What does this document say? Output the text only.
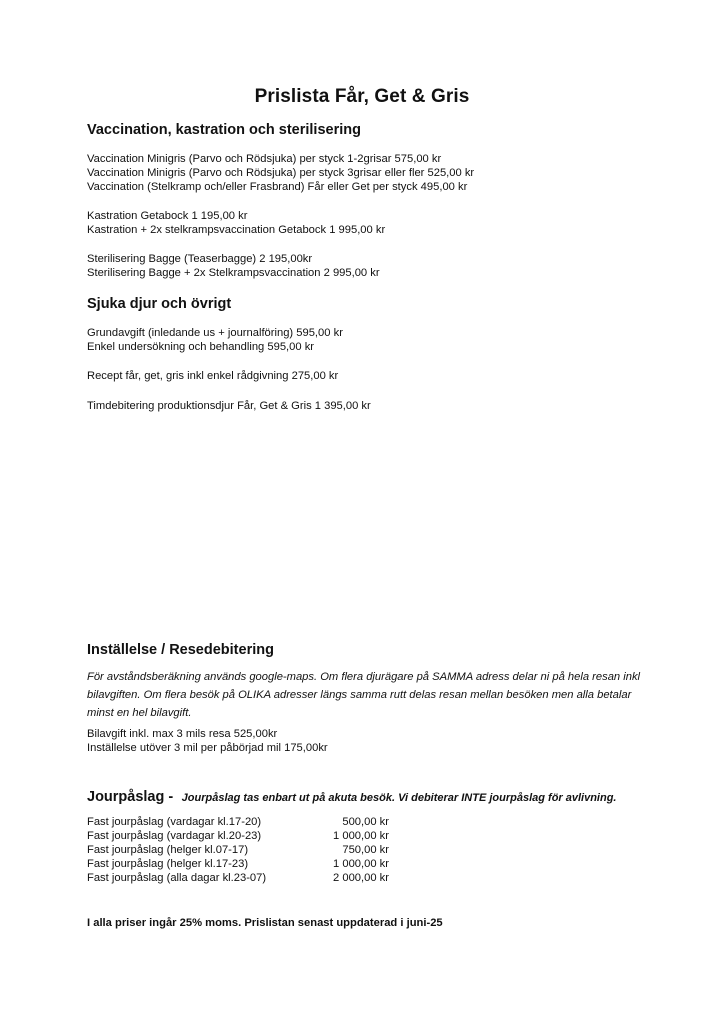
Prislista Får, Get & Gris
Vaccination, kastration och sterilisering
Vaccination Minigris (Parvo och Rödsjuka) per styck 1-2grisar 575,00 kr
Vaccination Minigris (Parvo och Rödsjuka) per styck 3grisar eller fler 525,00 kr
Vaccination (Stelkramp och/eller Frasbrand) Får eller Get per styck 495,00 kr
Kastration Getabock 1 195,00 kr
Kastration + 2x stelkrampsvaccination Getabock 1 995,00 kr
Sterilisering Bagge (Teaserbagge) 2 195,00kr
Sterilisering Bagge + 2x Stelkrampsvaccination 2 995,00 kr
Sjuka djur och övrigt
Grundavgift (inledande us + journalföring) 595,00 kr
Enkel undersökning och behandling 595,00 kr
Recept får, get, gris inkl enkel rådgivning 275,00 kr
Timdebitering produktionsdjur Får, Get & Gris 1 395,00 kr
Inställelse / Resedebitering
För avståndsberäkning används google-maps. Om flera djurägare på SAMMA adress delar ni på hela resan inkl bilavgiften. Om flera besök på OLIKA adresser längs samma rutt delas resan mellan besöken men alla betalar minst en hel bilavgift.
Bilavgift inkl. max 3 mils resa 525,00kr
Inställelse utöver 3 mil per påbörjad mil 175,00kr
Jourpåslag - Jourpåslag tas enbart ut på akuta besök. Vi debiterar INTE jourpåslag för avlivning.
Fast jourpåslag (vardagar kl.17-20)	500,00 kr
Fast jourpåslag (vardagar kl.20-23)	1 000,00 kr
Fast jourpåslag (helger kl.07-17)	750,00 kr
Fast jourpåslag (helger kl.17-23)	1 000,00 kr
Fast jourpåslag (alla dagar kl.23-07)	2 000,00 kr
I alla priser ingår 25% moms. Prislistan senast uppdaterad i juni-25
